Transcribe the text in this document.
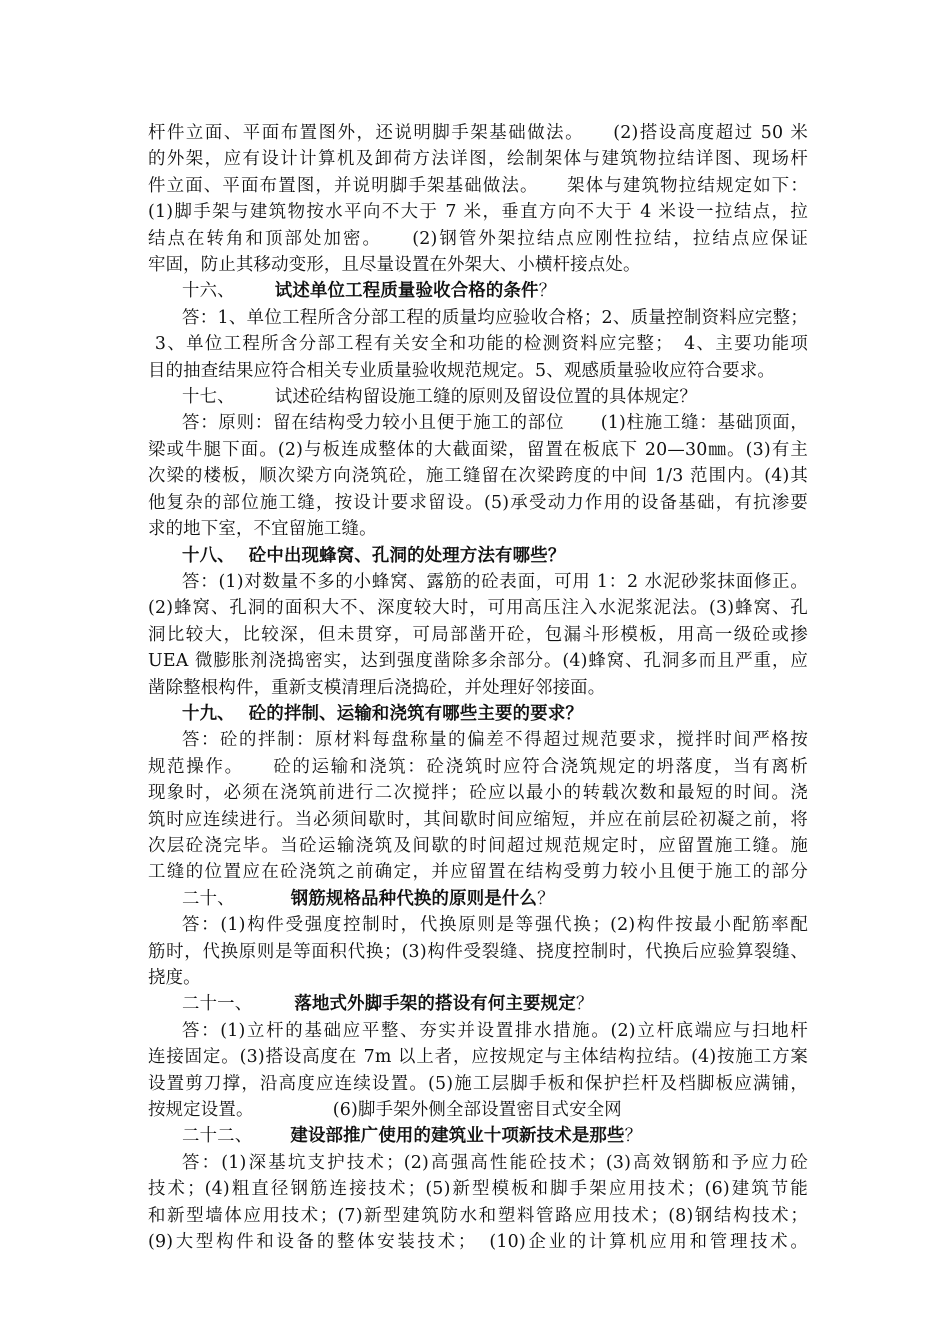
杆件立面、平面布置图外，还说明脚手架基础做法。　　(2)搭设高度超过 50 米
的外架，应有设计计算机及卸荷方法详图，绘制架体与建筑物拉结详图、现场杆
件立面、平面布置图，并说明脚手架基础做法。　　架体与建筑物拉结规定如下：
(1)脚手架与建筑物按水平向不大于 7 米，垂直方向不大于 4 米设一拉结点，拉
结点在转角和顶部处加密。　　(2)钢管外架拉结点应刚性拉结，拉结点应保证
牢固，防止其移动变形，且尽量设置在外架大、小横杆接点处。
十六、 试述单位工程质量验收合格的条件？
答：1、单位工程所含分部工程的质量均应验收合格；2、质量控制资料应完整；
3、单位工程所含分部工程有关安全和功能的检测资料应完整；　4、主要功能项
目的抽查结果应符合相关专业质量验收规范规定。5、观感质量验收应符合要求。
十七、 试述砼结构留设施工缝的原则及留设位置的具体规定？
答：原则：留在结构受力较小且便于施工的部位　　(1)柱施工缝：基础顶面，
梁或牛腿下面。(2)与板连成整体的大截面梁，留置在板底下 20—30㎜。(3)有主
次梁的楼板，顺次梁方向浇筑砼，施工缝留在次梁跨度的中间 1/3 范围内。(4)其
他复杂的部位施工缝，按设计要求留设。(5)承受动力作用的设备基础，有抗渗要
求的地下室，不宜留施工缝。
十八、 砼中出现蜂窝、孔洞的处理方法有哪些？
答：(1)对数量不多的小蜂窝、露筋的砼表面，可用 1：2 水泥砂浆抹面修正。
(2)蜂窝、孔洞的面积大不、深度较大时，可用高压注入水泥浆泥法。(3)蜂窝、孔
洞比较大，比较深，但未贯穿，可局部凿开砼，包漏斗形模板，用高一级砼或掺
UEA 微膨胀剂浇捣密实，达到强度凿除多余部分。(4)蜂窝、孔洞多而且严重，应
凿除整根构件，重新支模清理后浇捣砼，并处理好邻接面。
十九、 砼的拌制、运输和浇筑有哪些主要的要求？
答：砼的拌制：原材料每盘称量的偏差不得超过规范要求，搅拌时间严格按
规范操作。　　砼的运输和浇筑：砼浇筑时应符合浇筑规定的坍落度，当有离析
现象时，必须在浇筑前进行二次搅拌；砼应以最小的转载次数和最短的时间。浇
筑时应连续进行。当必须间歇时，其间歇时间应缩短，并应在前层砼初凝之前，将
次层砼浇完毕。当砼运输浇筑及间歇的时间超过规范规定时，应留置施工缝。施
工缝的位置应在砼浇筑之前确定，并应留置在结构受剪力较小且便于施工的部分
二十、	钢筋规格品种代换的原则是什么？
答：(1)构件受强度控制时，代换原则是等强代换；(2)构件按最小配筋率配
筋时，代换原则是等面积代换；(3)构件受裂缝、挠度控制时，代换后应验算裂缝、
挠度。
二十一、 落地式外脚手架的搭设有何主要规定？
答：(1)立杆的基础应平整、夯实并设置排水措施。(2)立杆底端应与扫地杆
连接固定。(3)搭设高度在 7m 以上者，应按规定与主体结构拉结。(4)按施工方案
设置剪刀撑，沿高度应连续设置。(5)施工层脚手板和保护拦杆及档脚板应满铺，
按规定设置。　　　　　(6)脚手架外侧全部设置密目式安全网
二十二、 建设部推广使用的建筑业十项新技术是那些？
答：(1)深基坑支护技术；(2)高强高性能砼技术；(3)高效钢筋和予应力砼
技术；(4)粗直径钢筋连接技术；(5)新型模板和脚手架应用技术；(6)建筑节能
和新型墙体应用技术；(7)新型建筑防水和塑料管路应用技术；(8)钢结构技术；
(9)大型构件和设备的整体安装技术；　(10)企业的计算机应用和管理技术。
